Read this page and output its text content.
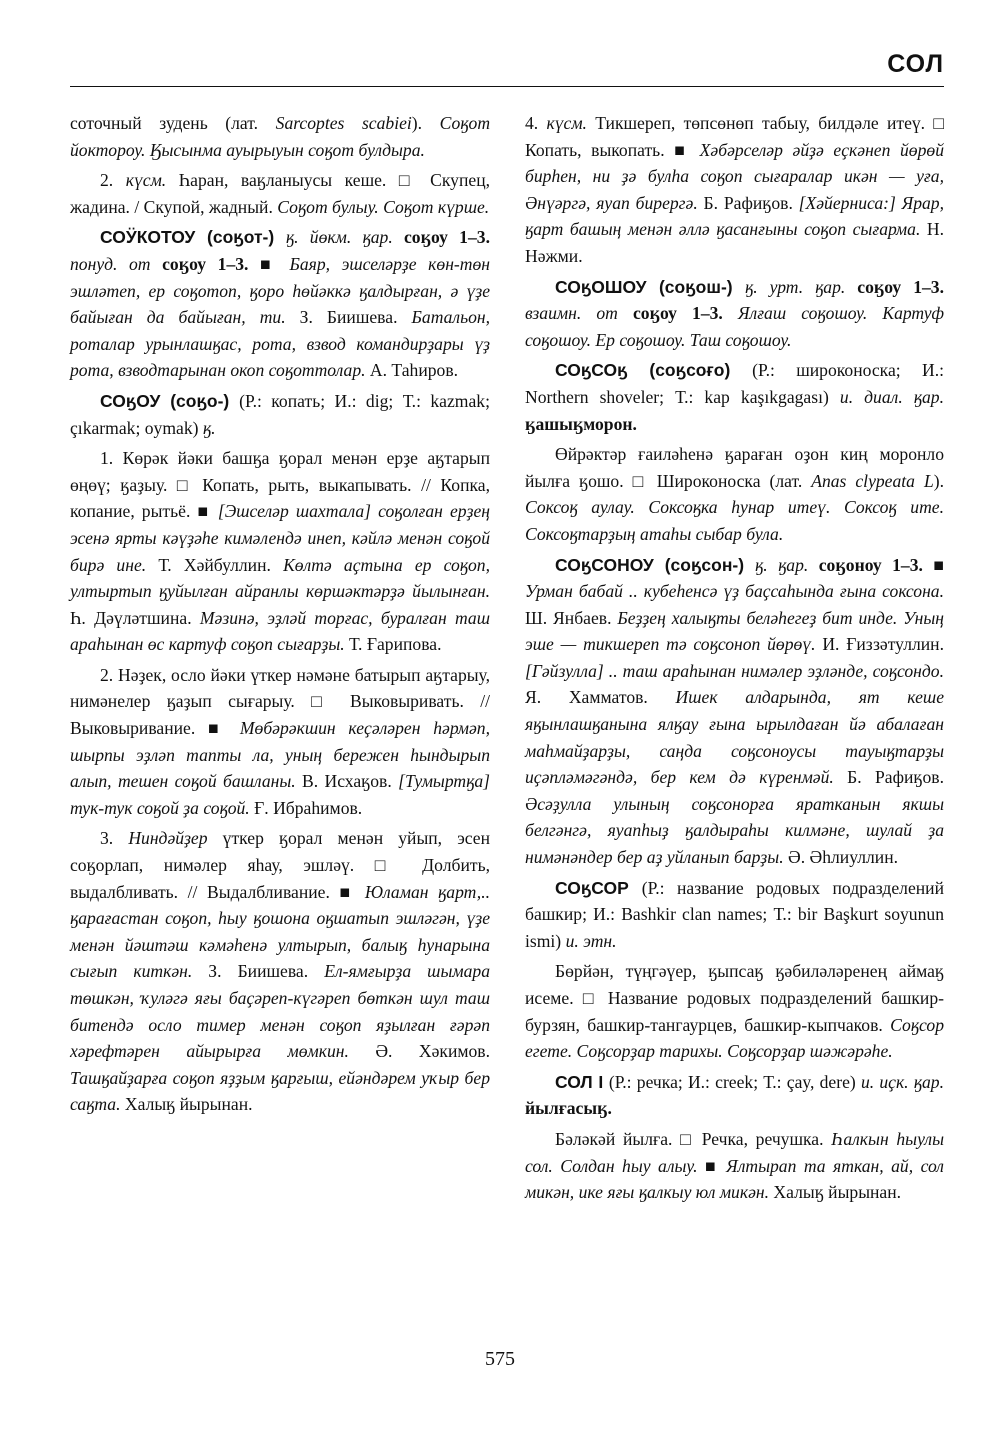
СОЛ

соточный зудень (лат. Sarcoptes scabiei). Соӄот йоктороу. Ӄысынма ауырыуын соӄот булдыра.

2. күсм. Һаран, ваӄланыусы кеше. □ Скупец, жадина. / Скупой, жадный. Соӄот булыу. Соӄот күрше.

СОӰКОТОУ (соӄот-) ӄ. йөкм. ӄар. соӄоу 1–3. понуд. от соӄоу 1–3. ■ Баяр, эшселәрҙе көн-төн эшләтеп, ер соӄотоп, ӄоро һөйәккә ӄалдырған, ә үҙе байыған да байыған, ти. З. Биишева. Батальон, роталар урынлашӄас, рота, взвод командирҙары үҙ рота, взводтарынан окоп соӄоттолар. А. Таһиров.

СОӄОУ (соӄо-) (Р.: копать; И.: dig; Т.: kazmak; çıkarmak; oymak) ӄ.

1. Көрәк йәки башӄа ӄорал менән ерҙе аӄтарып өңөү; ӄаҙыу. □ Копать, рыть, выкапывать. // Копка, копание, рытьё. ■ [Эшселәр шахтала] соӄолған ерҙең эсенә ярты кәүҙәһе кимәлендә инеп, кәйлә менән соӄой бирә ине. Т. Хәйбуллин. Көлтә аҫтына ер соӄоп, ултыртып ӄуйылған айранлы көршәктәрҙә йылынған. Һ. Дәүләтшина. Мәзинә, эҙләй торғас, буралған таш араһынан өс картуф соӄоп сығарҙы. Т. Ғарипова.

2. Нәҙек, осло йәки үткер нәмәне батырып аӄтарыу, нимәнелер ӄаҙып сығарыу. □ Выковыривать. // Выковыривание. ■ Мөбәрәкшин кеҫәләрен һәрмәп, шырпы эҙләп тапты ла, уның бережен һындырып алып, тешен соӄой башланы. В. Исхаӄов. [Тумыртӄа] тук-тук соӄой ҙа соӄой. Ғ. Ибраһимов.

3. Ниндәйҙер үткер ӄорал менән уйып, эсен соӄорлап, нимәлер яһау, эшләү. □ Долбить, выдалбливать. // Выдалбливание. ■ Юламан ӄарт,.. ӄарағастан соӄоп, һыу ӄошона оӄшатып эшләгән, үҙе менән йәштәш кәмәһенә ултырып, балыӄ һунарына сығып киткән. З. Биишева. Ел-ямғырҙа шымара төшкән, ҡуләгә яғы баҫәреп-күгәреп бөткән шул таш битендә осло тимер менән соӄоп яҙылған ғәрәп хәрефтәрен айырырға мөмкин. Ә. Хәкимов. Ташӄайҙарға соӄоп яҙҙым ӄарғыш, ейәндәрем уҡыр бер саӄта. Халыӄ йырынан.

4. күсм. Тикшереп, төпсөнөп табыу, билдәле итеү. □ Копать, выкопать. ■ Хәбәрселәр әйҙә еҫкәнеп йөрөй бирһен, ни ҙә булһа соӄоп сығаралар икән — уға, Әнүәргә, яуап бирергә. Б. Рафиӄов. [Хәйерниса:] Ярар, ӄарт башың менән әллә ӄасанғыны соӄоп сығарма. Н. Нәжми.

СОӄОШОУ (соӄош-) ӄ. урт. ӄар. соӄоу 1–3. взаимн. от соӄоу 1–3. Ялғаш соӄошоу. Картуф соӄошоу. Ер соӄошоу. Таш соӄошоу.

СОӄСОӄ (соӄсоғо) (Р.: широконоска; И.: Northern shoveler; Т.: kap kaşıkgagası) и. диал. ӄар. ӄашыӄморон.

Өйрәктәр ғаиләһенә ӄараған оҙон киң моронло йылға ӄошо. □ Широконоска (лат. Anas clypeata L). Соксоӄ аулау. Соксоӄка һунар итеү. Соксоӄ ите. Соксоӄтарҙың атаһы сыбар була.

СОӄСОНОУ (соӄсон-) ӄ. ӄар. соӄоноу 1–3. ■ Урман бабай .. кубеһенсә үҙ баҫсаһында ғына соксона. Ш. Янбаев. Беҙҙең халыӄты беләһегеҙ бит инде. Уның эше — тикшереп тә соӄсоноп йөрөү. И. Ғиззәтуллин. [Гәйзулла] .. таш араһынан нимәлер эҙләнде, соӄсондо. Я. Хамматов. Ишек алдарында, ят кеше яӄынлашӄанына ялӄау ғына ырылдаған йә абалаған маһмайҙарҙы, саңда соӄсоноусы тауыӄтарҙы иҫәпләмәгәндә, бер кем дә күренмәй. Б. Рафиӄов. Әсәҙулла улының соӄсонорға яратканын якшы белгәнгә, яуапһыҙ ӄалдыраһы килмәне, шулай ҙа нимәнәндер бер аҙ уйланып барҙы. Ә. Әһлиуллин.

СОӄСОР (Р.: название родовых подразделений башкир; И.: Bashkir clan names; Т.: bir Başkurt soyunun ismi) и. этн.

Бөрйән, түңгәүер, ӄыпсаӄ ӄәбиләләренең аймаӄ исеме. □ Название родовых подразделений башкир-бурзян, башкир-тангаурцев, башкир-кыпчаков. Соӄсор егете. Соӄсорҙар тарихы. Соӄсорҙар шәжәрәһе.

СОЛ I (Р.: речка; И.: creek; Т.: çay, dere) и. иҫк. ӄар. йылғасыӄ.

Бәләкәй йылға. □ Речка, речушка. Һалкын һыулы сол. Солдан һыу алыу. ■ Ялтырап та яткан, ай, сол микән, ике яғы ӄалкыу юл микән. Халыӄ йырынан.

575
